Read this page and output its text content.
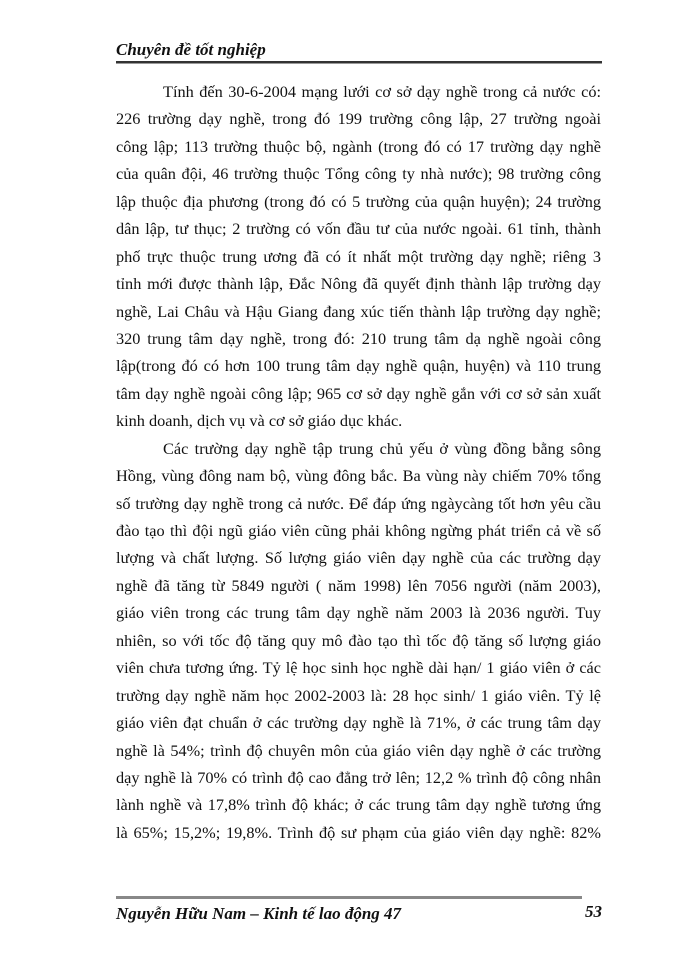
Chuyên đề tốt nghiệp
Tính đến 30-6-2004 mạng lưới cơ sở dạy nghề trong cả nước có:
226 trường dạy nghề, trong đó 199 trường công lập, 27 trường ngoài
công lập; 113 trường thuộc bộ, ngành (trong đó có 17 trường dạy nghề
của quân đội, 46 trường thuộc Tổng công ty nhà nước); 98 trường công
lập thuộc địa phương (trong đó có 5 trường của quận huyện); 24 trường
dân lập, tư thục; 2 trường có vốn đầu tư của nước ngoài. 61 tỉnh, thành
phố trực thuộc trung ương đã có ít nhất một trường dạy nghề; riêng 3
tỉnh mới được thành lập, Đắc Nông đã quyết định thành lập trường dạy
nghề, Lai Châu và Hậu Giang đang xúc tiến thành lập trường dạy nghề;
320 trung tâm dạy nghề, trong đó: 210 trung tâm dạ nghề ngoài công
lập(trong đó có hơn 100 trung tâm dạy nghề quận, huyện) và 110 trung
tâm dạy nghề ngoài công lập; 965 cơ sở dạy nghề gắn với cơ sở sản xuất
kinh doanh, dịch vụ và cơ sở giáo dục khác.
Các trường dạy nghề tập trung chủ yếu ở vùng đồng bằng sông
Hồng, vùng đông nam bộ, vùng đông bắc. Ba vùng này chiếm 70% tổng
số trường dạy nghề trong cả nước. Để đáp ứng ngàycàng tốt hơn yêu cầu
đào tạo thì đội ngũ giáo viên cũng phải không ngừng phát triển cả về số
lượng và chất lượng. Số lượng giáo viên dạy nghề của các trường dạy
nghề đã tăng từ 5849 người ( năm 1998) lên 7056 người (năm 2003),
giáo viên trong các trung tâm dạy nghề năm 2003 là 2036 người. Tuy
nhiên, so với tốc độ tăng quy mô đào tạo thì tốc độ tăng số lượng giáo
viên chưa tương ứng. Tỷ lệ học sinh học nghề dài hạn/ 1 giáo viên ở các
trường dạy nghề năm học 2002-2003 là: 28 học sinh/ 1 giáo viên. Tỷ lệ
giáo viên đạt chuẩn ở các trường dạy nghề là 71%, ở các trung tâm dạy
nghề là 54%; trình độ chuyên môn của giáo viên dạy nghề ở các trường
dạy nghề là 70% có trình độ cao đẳng trở lên; 12,2 % trình độ công nhân
lành nghề và 17,8% trình độ khác; ở các trung tâm dạy nghề tương ứng
là 65%; 15,2%; 19,8%. Trình độ sư phạm của giáo viên dạy nghề: 82%
Nguyễn Hữu Nam – Kinh tế lao động 47	53
